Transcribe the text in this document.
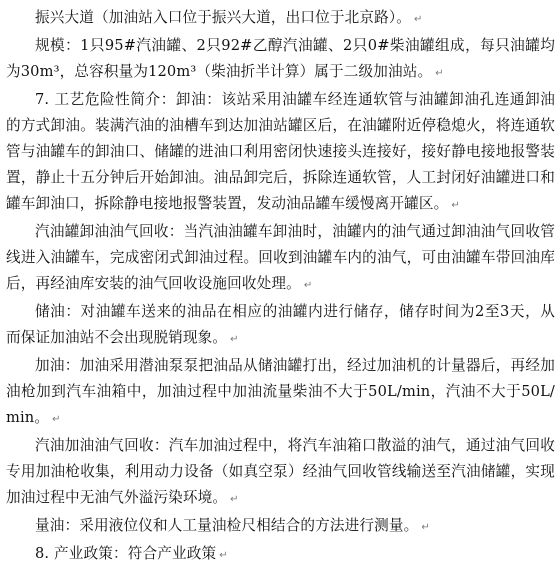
振兴大道（加油站入口位于振兴大道，出口位于北京路）。 ↵

规模：1只95#汽油罐、2只92#乙醇汽油罐、2只0#柴油罐组成，每只油罐均为30m³，总容积量为120m³（柴油折半计算）属于二级加油站。 ↵

7. 工艺危险性简介：卸油：该站采用油罐车经连通软管与油罐卸油孔连通卸油的方式卸油。装满汽油的油槽车到达加油站罐区后，在油罐附近停稳熄火，将连通软管与油罐车的卸油口、储罐的进油口利用密闭快速接头连接好，接好静电接地报警装置，静止十五分钟后开始卸油。油品卸完后，拆除连通软管，人工封闭好油罐进口和罐车卸油口，拆除静电接地报警装置，发动油品罐车缓慢离开罐区。 ↵

汽油罐卸油油气回收：当汽油油罐车卸油时，油罐内的油气通过卸油油气回收管线进入油罐车，完成密闭式卸油过程。回收到油罐车内的油气，可由油罐车带回油库后，再经油库安装的油气回收设施回收处理。 ↵

储油：对油罐车送来的油品在相应的油罐内进行储存，储存时间为2至3天，从而保证加油站不会出现脱销现象。 ↵

加油：加油采用潜油泵泵把油品从储油罐打出，经过加油机的计量器后，再经加油枪加到汽车油箱中，加油过程中加油流量柴油不大于50L/min，汽油不大于50L/min。 ↵

汽油加油油气回收：汽车加油过程中，将汽车油箱口散溢的油气，通过油气回收专用加油枪收集，利用动力设备（如真空泵）经油气回收管线输送至汽油储罐，实现加油过程中无油气外溢污染环境。 ↵

量油：采用液位仪和人工量油检尺相结合的方法进行测量。 ↵

8. 产业政策：符合产业政策 ↵
